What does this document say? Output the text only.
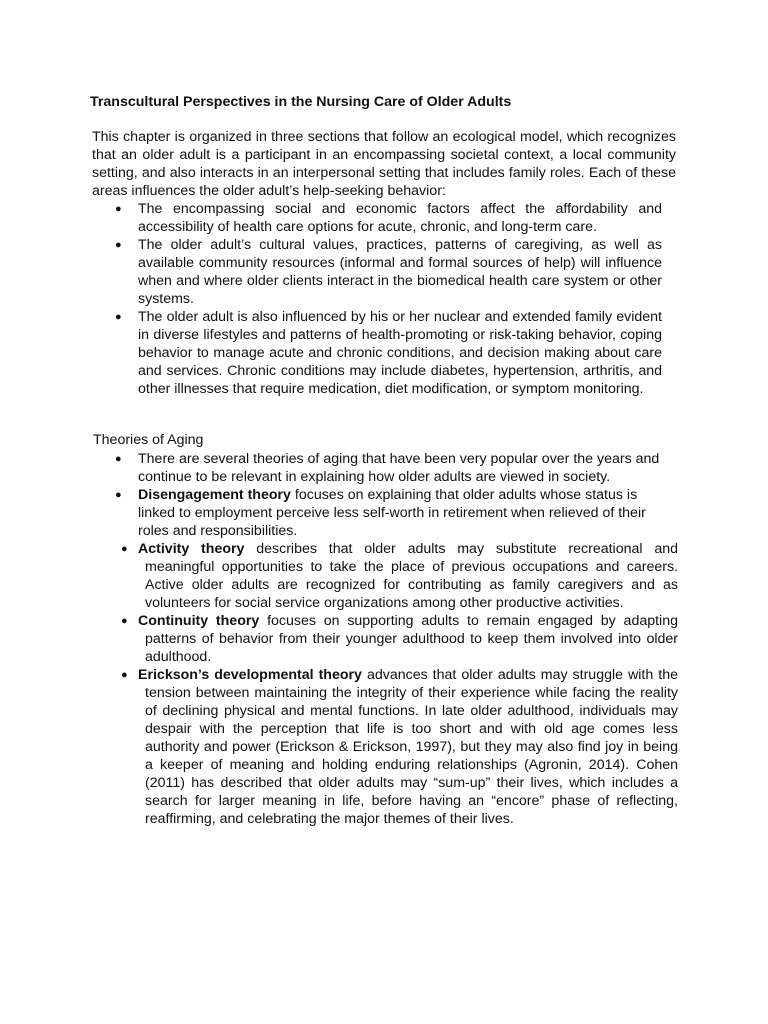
Transcultural Perspectives in the Nursing Care of Older Adults

This chapter is organized in three sections that follow an ecological model, which recognizes that an older adult is a participant in an encompassing societal context, a local community setting, and also interacts in an interpersonal setting that includes family roles. Each of these areas influences the older adult’s help-seeking behavior:

● The encompassing social and economic factors affect the affordability and accessibility of health care options for acute, chronic, and long-term care.
● The older adult’s cultural values, practices, patterns of caregiving, as well as available community resources (informal and formal sources of help) will influence when and where older clients interact in the biomedical health care system or other systems.
● The older adult is also influenced by his or her nuclear and extended family evident in diverse lifestyles and patterns of health-promoting or risk-taking behavior, coping behavior to manage acute and chronic conditions, and decision making about care and services. Chronic conditions may include diabetes, hypertension, arthritis, and other illnesses that require medication, diet modification, or symptom monitoring.
Theories of Aging
● There are several theories of aging that have been very popular over the years and continue to be relevant in explaining how older adults are viewed in society.
● Disengagement theory focuses on explaining that older adults whose status is linked to employment perceive less self-worth in retirement when relieved of their roles and responsibilities.
● Activity theory describes that older adults may substitute recreational and meaningful opportunities to take the place of previous occupations and careers. Active older adults are recognized for contributing as family caregivers and as volunteers for social service organizations among other productive activities.
● Continuity theory focuses on supporting adults to remain engaged by adapting patterns of behavior from their younger adulthood to keep them involved into older adulthood.
● Erickson’s developmental theory advances that older adults may struggle with the tension between maintaining the integrity of their experience while facing the reality of declining physical and mental functions. In late older adulthood, individuals may despair with the perception that life is too short and with old age comes less authority and power (Erickson & Erickson, 1997), but they may also find joy in being a keeper of meaning and holding enduring relationships (Agronin, 2014). Cohen (2011) has described that older adults may “sum-up” their lives, which includes a search for larger meaning in life, before having an “encore” phase of reflecting, reaffirming, and celebrating the major themes of their lives.
